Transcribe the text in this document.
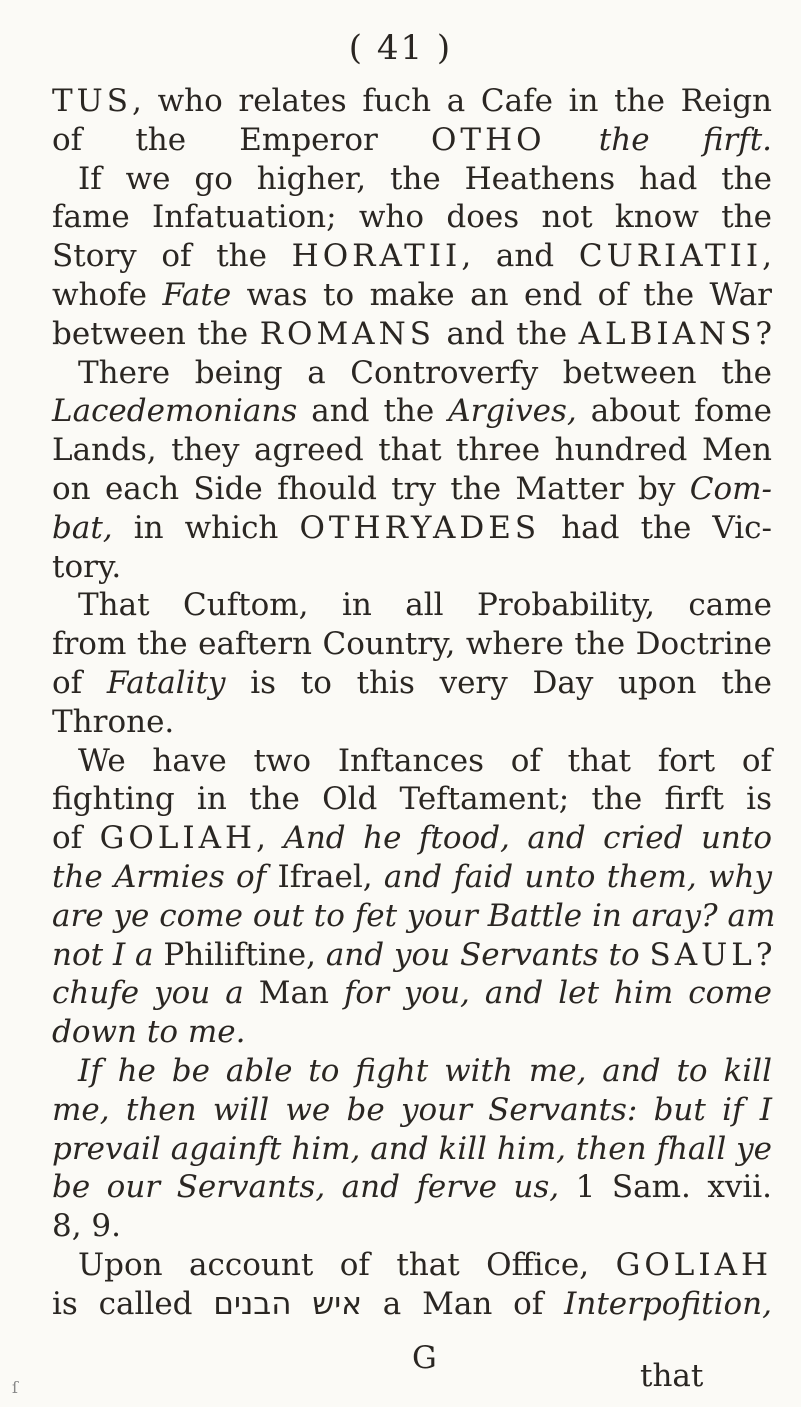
( 41 )
TUS, who relates fuch a Cafe in the Reign
of the Emperor OTHO the firft.
If we go higher, the Heathens had the
fame Infatuation; who does not know the
Story of the HORATII, and CURIATII,
whofe Fate was to make an end of the War
between the ROMANS and the ALBIANS?
There being a Controverfy between the
Lacedemonians and the Argives, about fome
Lands, they agreed that three hundred Men
on each Side fhould try the Matter by Com-
bat, in which OTHRYADES had the Vic-
tory.
That Cuftom, in all Probability, came
from the eaftern Country, where the Doctrine
of Fatality is to this very Day upon the
Throne.
We have two Inftances of that fort of
fighting in the Old Teftament; the firft is
of GOLIAH, And he ftood, and cried unto
the Armies of Ifrael, and faid unto them, why
are ye come out to fet your Battle in aray? am
not I a Philiftine, and you Servants to SAUL?
chufe you a Man for you, and let him come
down to me.
If he be able to fight with me, and to kill
me, then will we be your Servants: but if I
prevail againft him, and kill him, then fhall ye
be our Servants, and ferve us, 1 Sam. xvii.
8, 9.
Upon account of that Office, GOLIAH
is called איש הבנים a Man of Interpofition,
G	that
ſ
